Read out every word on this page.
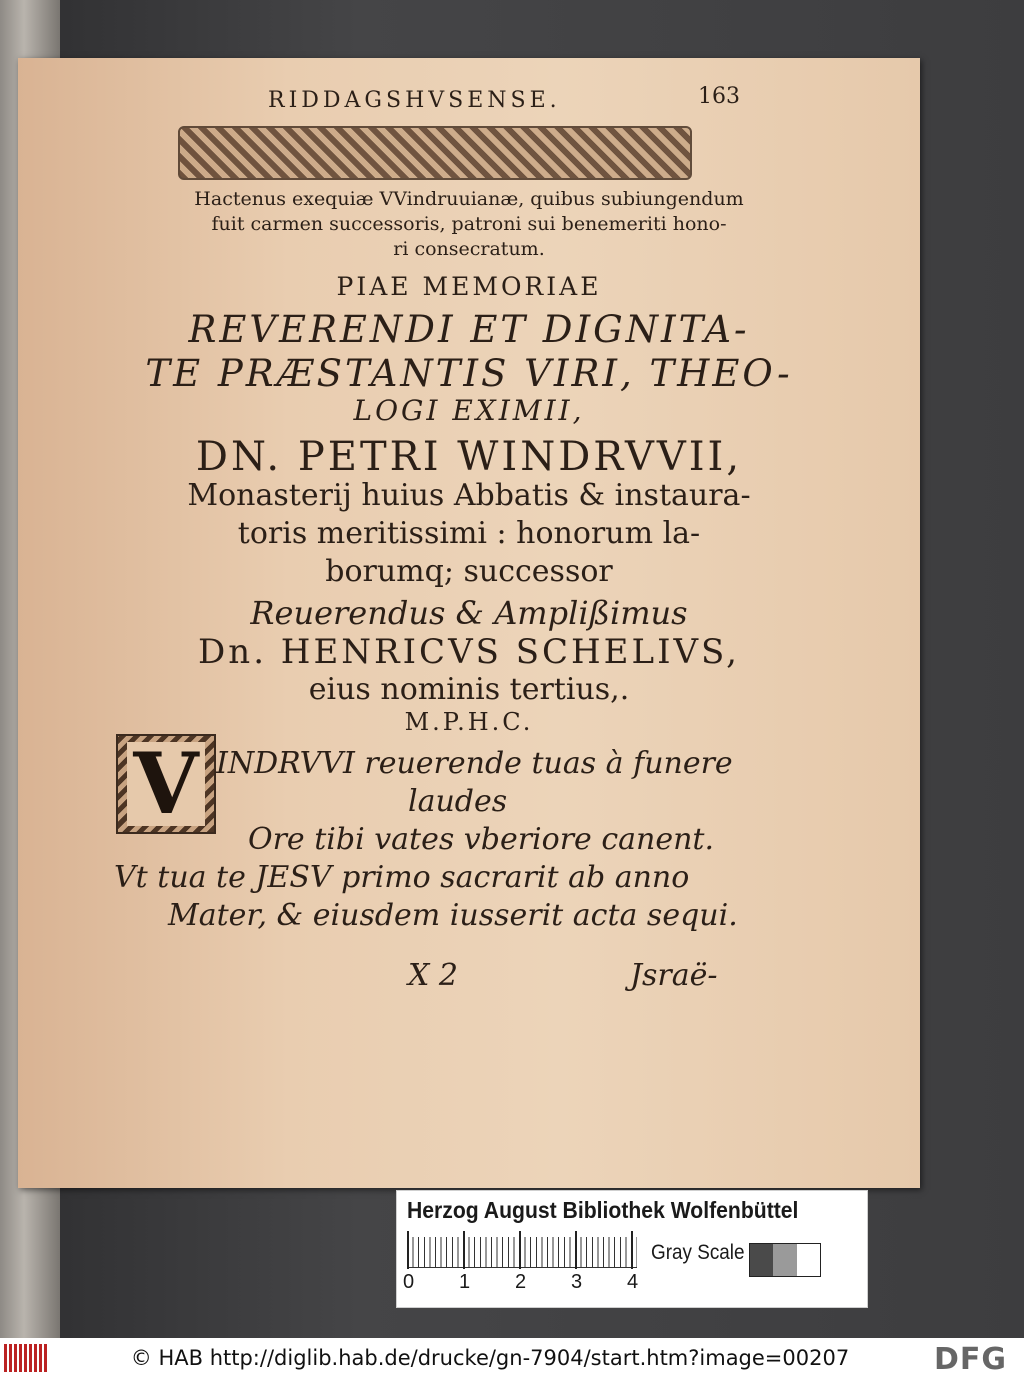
RIDDAGSHVSENSE.	163
Hactenus exequiæ VVindruuianæ, quibus subiungendum
fuit carmen successoris, patroni sui benemeriti hono-
ri consecratum.
PIAE MEMORIAE
REVERENDI ET DIGNITA-
TE PRÆSTANTIS VIRI, THEO-
LOGI EXIMII,
DN. PETRI WINDRVVII,
Monasterij huius Abbatis & instaura-
toris meritissimi : honorum la-
borumq; successor
Reuerendus & Amplißimus
Dn. HENRICVS SCHELIVS,
eius nominis tertius,.
M.P.H.C.
V INDRVVI reuerende tuas à funere
laudes
Ore tibi vates vberiore canent.
Vt tua te JESV primo sacrarit ab anno
Mater, & eiusdem iusserit acta sequi.
X 2	Jsraë-
Herzog August Bibliothek Wolfenbüttel
0 1 2 3 4
Gray Scale
© HAB http://diglib.hab.de/drucke/gn-7904/start.htm?image=00207	DFG
